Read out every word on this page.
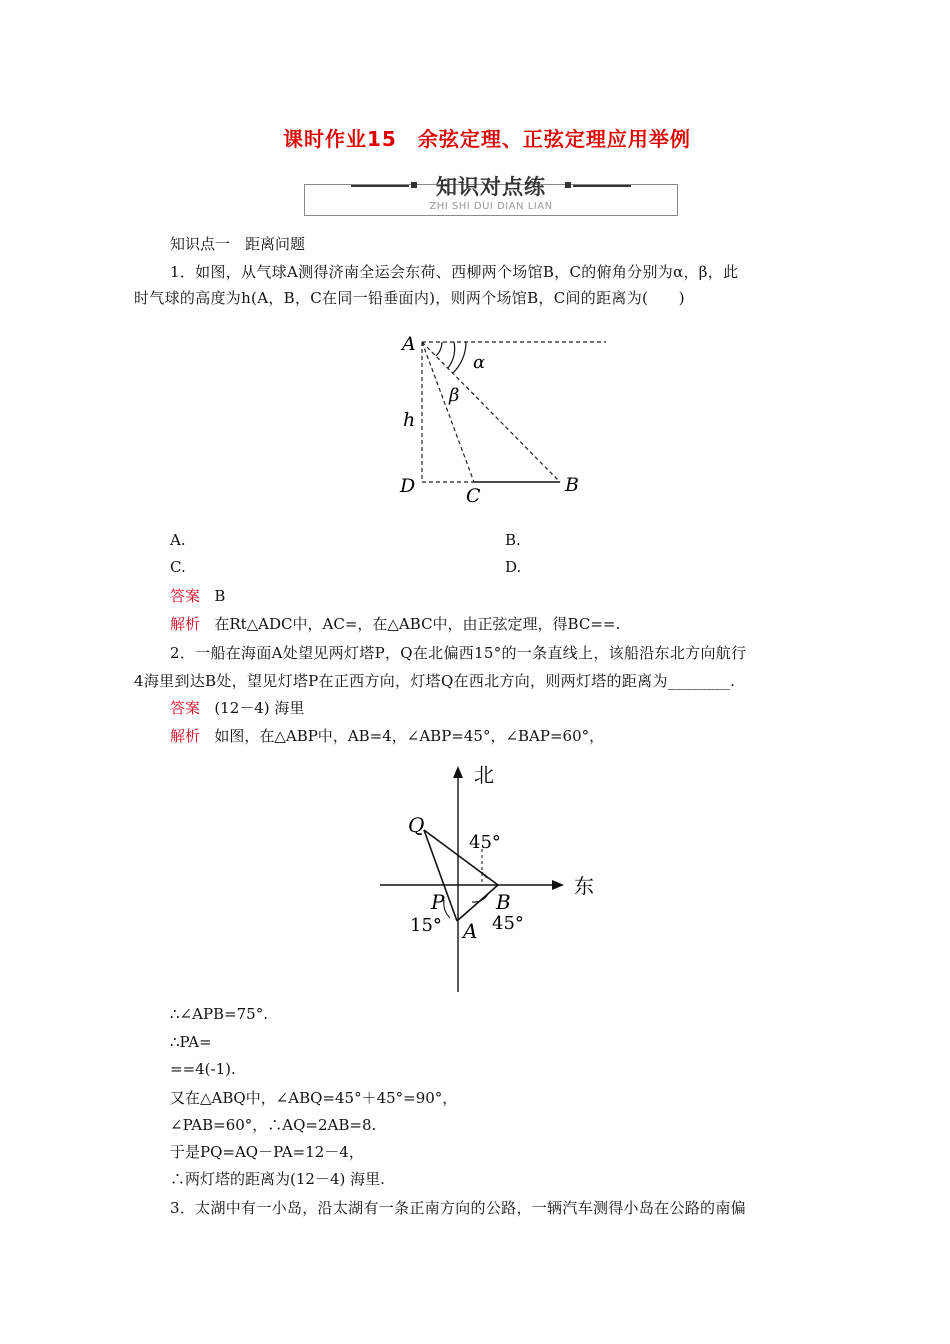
课时作业15　余弦定理、正弦定理应用举例
知识对点练
ZHI SHI DUI DIAN LIAN
知识点一　距离问题
1．如图，从气球A测得济南全运会东荷、西柳两个场馆B，C的俯角分别为α，β，此
时气球的高度为h(A，B，C在同一铅垂面内)，则两个场馆B，C间的距离为(　　)
A
α
β
h
D	C	B
A.	B.
C.	D.
答案 B
解析 在Rt△ADC中，AC=，在△ABC中，由正弦定理，得BC==.
2．一船在海面A处望见两灯塔P，Q在北偏西15°的一条直线上，该船沿东北方向航行
4海里到达B处，望见灯塔P在正西方向，灯塔Q在西北方向，则两灯塔的距离为________.
答案 (12－4) 海里
解析 如图，在△ABP中，AB=4，∠ABP=45°，∠BAP=60°，
北
东
Q
45°
P	B
15° A 45°
∴∠APB=75°.
∴PA=
==4(-1).
又在△ABQ中，∠ABQ=45°＋45°=90°，
∠PAB=60°，∴AQ=2AB=8.
于是PQ=AQ－PA=12－4，
∴两灯塔的距离为(12－4) 海里.
3．太湖中有一小岛，沿太湖有一条正南方向的公路，一辆汽车测得小岛在公路的南偏
